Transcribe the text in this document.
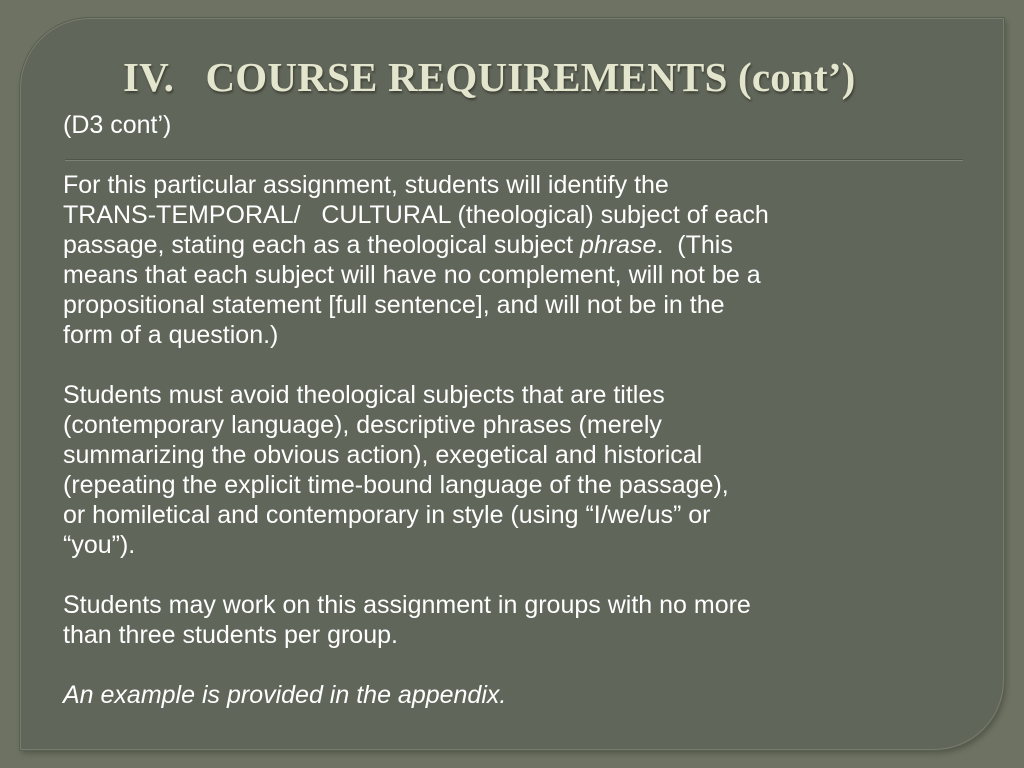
IV.   COURSE REQUIREMENTS (cont’)

(D3 cont’)

For this particular assignment, students will identify the
TRANS-TEMPORAL/   CULTURAL (theological) subject of each
passage, stating each as a theological subject phrase.  (This
means that each subject will have no complement, will not be a
propositional statement [full sentence], and will not be in the
form of a question.)

Students must avoid theological subjects that are titles
(contemporary language), descriptive phrases (merely
summarizing the obvious action), exegetical and historical
(repeating the explicit time-bound language of the passage),
or homiletical and contemporary in style (using “I/we/us” or
“you”).

Students may work on this assignment in groups with no more
than three students per group.

An example is provided in the appendix.
